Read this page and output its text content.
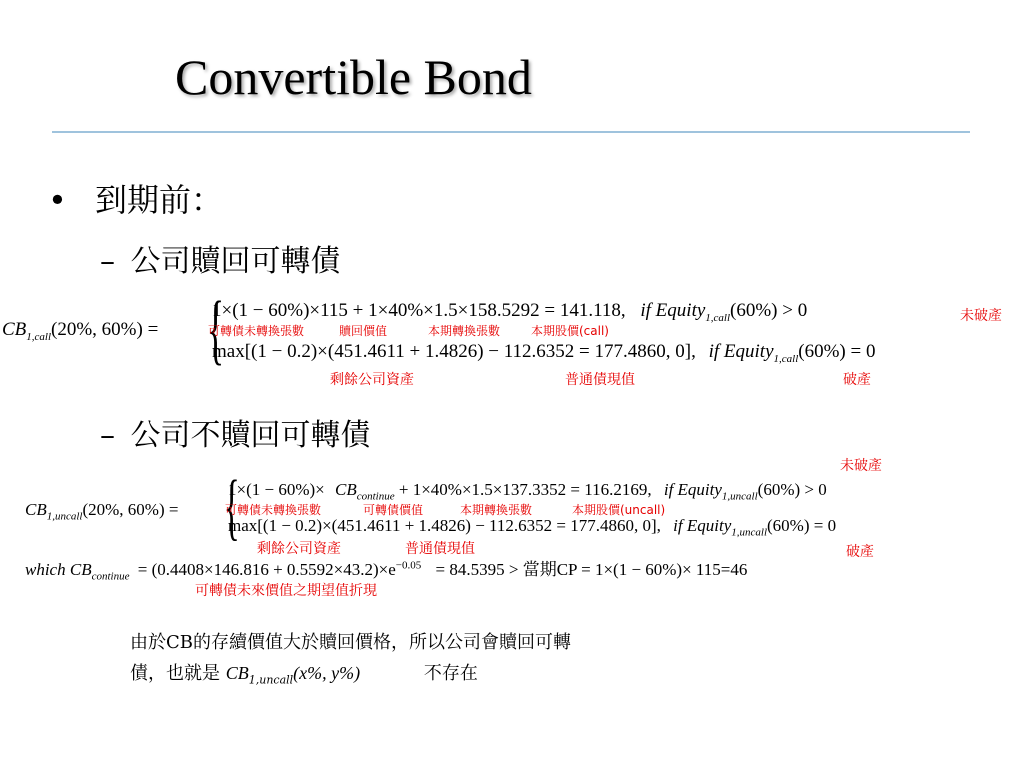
Convertible Bond
• 到期前：
– 公司贖回可轉債
$CB_{1,call}(20\%$, 60%) = {
1×(1 − 60%)×115 + 1×40%×1.5×158.5292 = 141.118, if Equity$_{1,call}$(60%) > 0	未破產
可轉債未轉換張數	贖回價值	本期轉換張數	本期股價(call)
max[(1 − 0.2)×(451.4611 + 1.4826) − 112.6352 = 177.4860, 0], if Equity$_{1,call}$(60%) = 0
剩餘公司資產	普通債現值	破產
– 公司不贖回可轉債
未破產
$CB_{1,uncall}(20\%$, 60%) = {
$1\times(1 - 60\%)\times CB_{continue} + 1\times 40\%\times 1.5\times 137.3352 = 116.2169$, if Equity$_{1,uncall}$(60%) > 0
可轉債未轉換張數	可轉債價值	本期轉換張數	本期股價(uncall)
max[(1 − 0.2)×(451.4611 + 1.4826) − 112.6352 = 177.4860, 0], if Equity$_{1,uncall}$(60%) = 0
剩餘公司資產	普通債現值	破產
which $CB_{continue} = (0.4408\times 146.816 + 0.5592\times 43.2)\times e^{-0.05} = 84.5395$ > 當期CP = 1×(1 − 60%)× 115=46
可轉債未來價值之期望值折現
由於CB的存續價值大於贖回價格，所以公司會贖回可轉
債，也就是 $CB_{1,uncall}(x\%$, y%)	不存在
